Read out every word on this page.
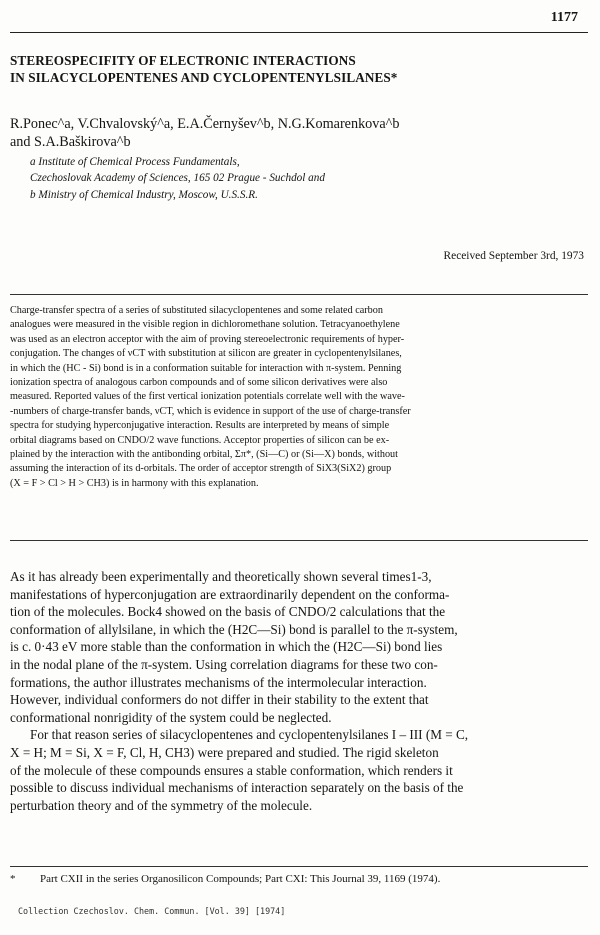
1177
STEREOSPECIFITY OF ELECTRONIC INTERACTIONS
IN SILACYCLOPENTENES AND CYCLOPENTENYLSILANES*
R.Ponec^a, V.Chvalovský^a, E.A.Černyšev^b, N.G.Komarenkova^b
and S.A.Baškirova^b
a Institute of Chemical Process Fundamentals,
Czechoslovak Academy of Sciences, 165 02 Prague - Suchdol and
b Ministry of Chemical Industry, Moscow, U.S.S.R.
Received September 3rd, 1973
Charge-transfer spectra of a series of substituted silacyclopentenes and some related carbon
analogues were measured in the visible region in dichloromethane solution. Tetracyanoethylene
was used as an electron acceptor with the aim of proving stereoelectronic requirements of hyper-
conjugation. The changes of νCT with substitution at silicon are greater in cyclopentenylsilanes,
in which the (HC - Si) bond is in a conformation suitable for interaction with π-system. Penning
ionization spectra of analogous carbon compounds and of some silicon derivatives were also
measured. Reported values of the first vertical ionization potentials correlate well with the wave-
-numbers of charge-transfer bands, νCT, which is evidence in support of the use of charge-transfer
spectra for studying hyperconjugative interaction. Results are interpreted by means of simple
orbital diagrams based on CNDO/2 wave functions. Acceptor properties of silicon can be ex-
plained by the interaction with the antibonding orbital, Σπ*, (Si—C) or (Si—X) bonds, without
assuming the interaction of its d-orbitals. The order of acceptor strength of SiX3(SiX2) group
(X = F > Cl > H > CH3) is in harmony with this explanation.
As it has already been experimentally and theoretically shown several times1-3,
manifestations of hyperconjugation are extraordinarily dependent on the conforma-
tion of the molecules. Bock4 showed on the basis of CNDO/2 calculations that the
conformation of allylsilane, in which the (H2C—Si) bond is parallel to the π-system,
is c. 0·43 eV more stable than the conformation in which the (H2C—Si) bond lies
in the nodal plane of the π-system. Using correlation diagrams for these two con-
formations, the author illustrates mechanisms of the intermolecular interaction.
However, individual conformers do not differ in their stability to the extent that
conformational nonrigidity of the system could be neglected.
For that reason series of silacyclopentenes and cyclopentenylsilanes I – III (M = C,
X = H; M = Si, X = F, Cl, H, CH3) were prepared and studied. The rigid skeleton
of the molecule of these compounds ensures a stable conformation, which renders it
possible to discuss individual mechanisms of interaction separately on the basis of the
perturbation theory and of the symmetry of the molecule.
* Part CXII in the series Organosilicon Compounds; Part CXI: This Journal 39, 1169 (1974).
Collection Czechoslov. Chem. Commun. [Vol. 39] [1974]
